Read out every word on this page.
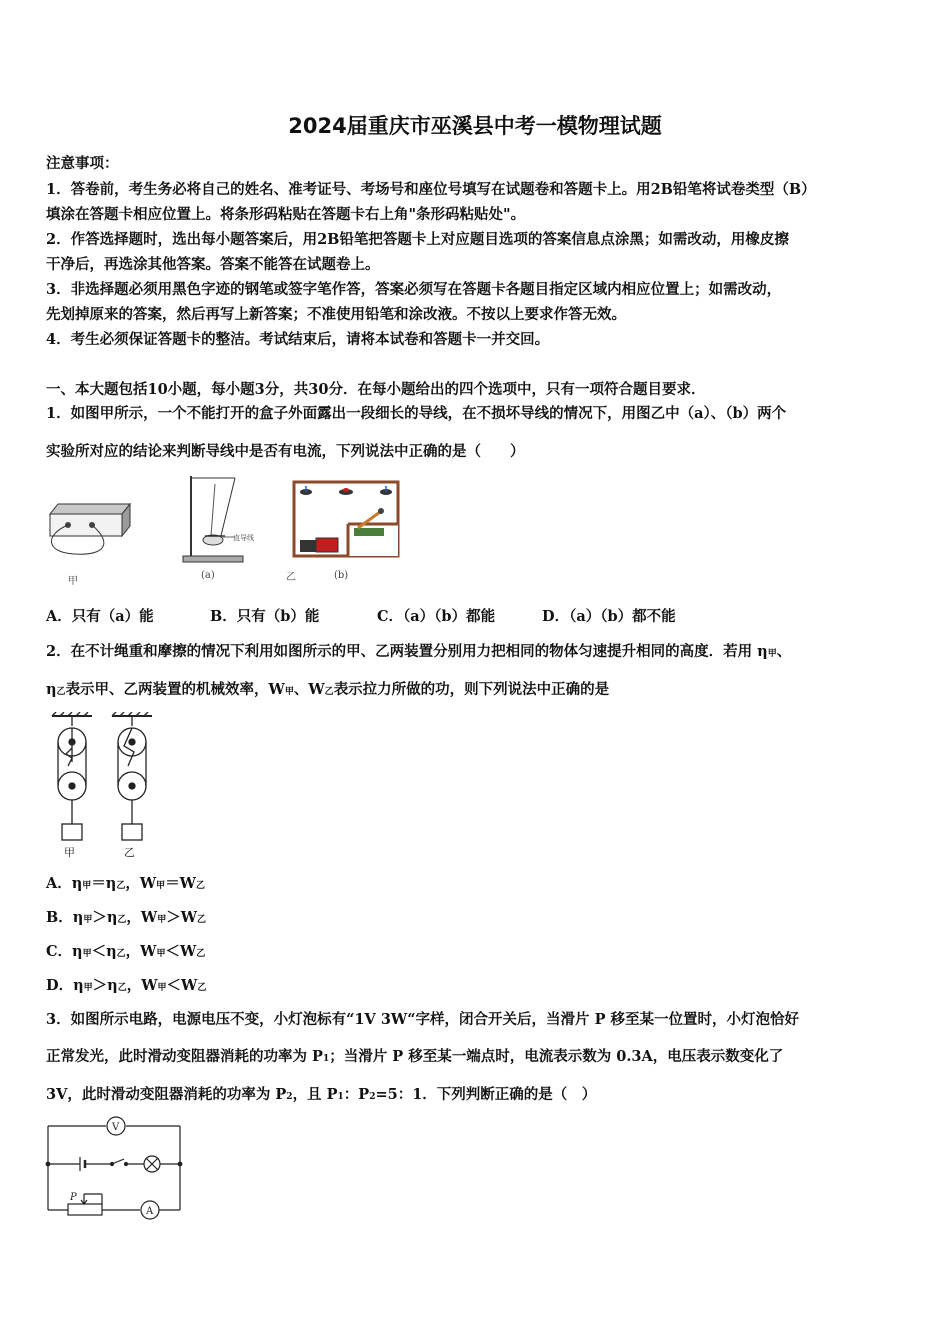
2024届重庆市巫溪县中考一模物理试题
注意事项：
1．答卷前，考生务必将自己的姓名、准考证号、考场号和座位号填写在试题卷和答题卡上。用2B铅笔将试卷类型（B）
填涂在答题卡相应位置上。将条形码粘贴在答题卡右上角"条形码粘贴处"。
2．作答选择题时，选出每小题答案后，用2B铅笔把答题卡上对应题目选项的答案信息点涂黑；如需改动，用橡皮擦
干净后，再选涂其他答案。答案不能答在试题卷上。
3．非选择题必须用黑色字迹的钢笔或签字笔作答，答案必须写在答题卡各题目指定区域内相应位置上；如需改动，
先划掉原来的答案，然后再写上新答案；不准使用铅笔和涂改液。不按以上要求作答无效。
4．考生必须保证答题卡的整洁。考试结束后，请将本试卷和答题卡一并交回。
一、本大题包括10小题，每小题3分，共30分．在每小题给出的四个选项中，只有一项符合题目要求．
1．如图甲所示，一个不能打开的盒子外面露出一段细长的导线，在不损坏导线的情况下，用图乙中（a）、（b）两个
实验所对应的结论来判断导线中是否有电流，下列说法中正确的是（　　）
甲
直导线
(a)	(b)
乙
A．只有（a）能	B．只有（b）能	C．（a）（b）都能	D．（a）（b）都不能
2．在不计绳重和摩擦的情况下利用如图所示的甲、乙两装置分别用力把相同的物体匀速提升相同的高度．若用 η甲、
η乙表示甲、乙两装置的机械效率，W甲、W乙表示拉力所做的功，则下列说法中正确的是
甲	乙
A．η甲＝η乙，W甲＝W乙
B．η甲＞η乙，W甲＞W乙
C．η甲＜η乙，W甲＜W乙
D．η甲＞η乙，W甲＜W乙
3．如图所示电路，电源电压不变，小灯泡标有“1V 3W“字样，闭合开关后，当滑片 P 移至某一位置时，小灯泡恰好
正常发光，此时滑动变阻器消耗的功率为 P1；当滑片 P 移至某一端点时，电流表示数为 0.3A，电压表示数变化了
3V，此时滑动变阻器消耗的功率为 P2，且 P1：P2=5：1．下列判断正确的是（　）
V
A
P
